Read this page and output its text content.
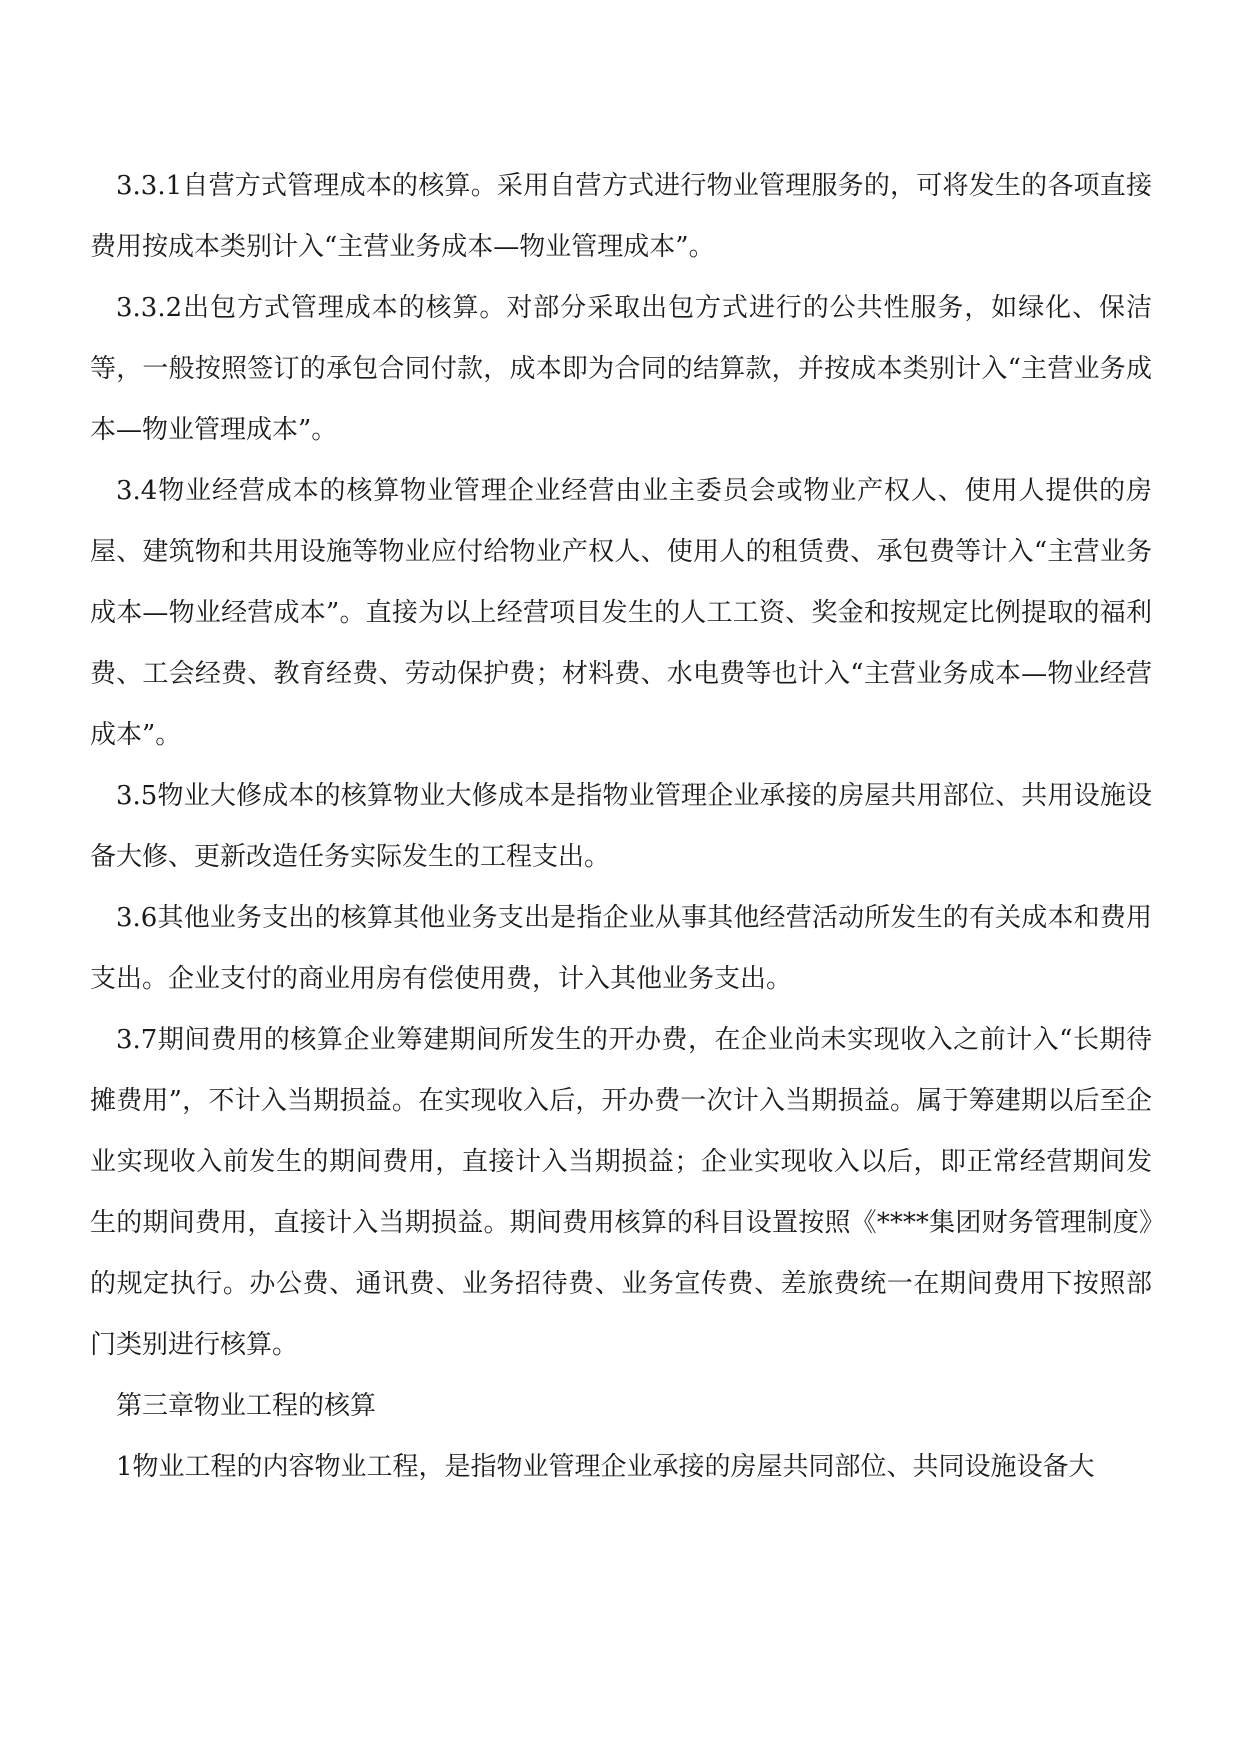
3.3.1自营方式管理成本的核算。采用自营方式进行物业管理服务的，可将发生的各项直接费用按成本类别计入“主营业务成本—物业管理成本”。

3.3.2出包方式管理成本的核算。对部分采取出包方式进行的公共性服务，如绿化、保洁等，一般按照签订的承包合同付款，成本即为合同的结算款，并按成本类别计入“主营业务成本—物业管理成本”。

3.4物业经营成本的核算物业管理企业经营由业主委员会或物业产权人、使用人提供的房屋、建筑物和共用设施等物业应付给物业产权人、使用人的租赁费、承包费等计入“主营业务成本—物业经营成本”。直接为以上经营项目发生的人工工资、奖金和按规定比例提取的福利费、工会经费、教育经费、劳动保护费；材料费、水电费等也计入“主营业务成本—物业经营成本”。

3.5物业大修成本的核算物业大修成本是指物业管理企业承接的房屋共用部位、共用设施设备大修、更新改造任务实际发生的工程支出。

3.6其他业务支出的核算其他业务支出是指企业从事其他经营活动所发生的有关成本和费用支出。企业支付的商业用房有偿使用费，计入其他业务支出。

3.7期间费用的核算企业筹建期间所发生的开办费，在企业尚未实现收入之前计入“长期待摊费用”，不计入当期损益。在实现收入后，开办费一次计入当期损益。属于筹建期以后至企业实现收入前发生的期间费用，直接计入当期损益；企业实现收入以后，即正常经营期间发生的期间费用，直接计入当期损益。期间费用核算的科目设置按照《****集团财务管理制度》的规定执行。办公费、通讯费、业务招待费、业务宣传费、差旅费统一在期间费用下按照部门类别进行核算。

第三章物业工程的核算

1物业工程的内容物业工程，是指物业管理企业承接的房屋共同部位、共同设施设备大
